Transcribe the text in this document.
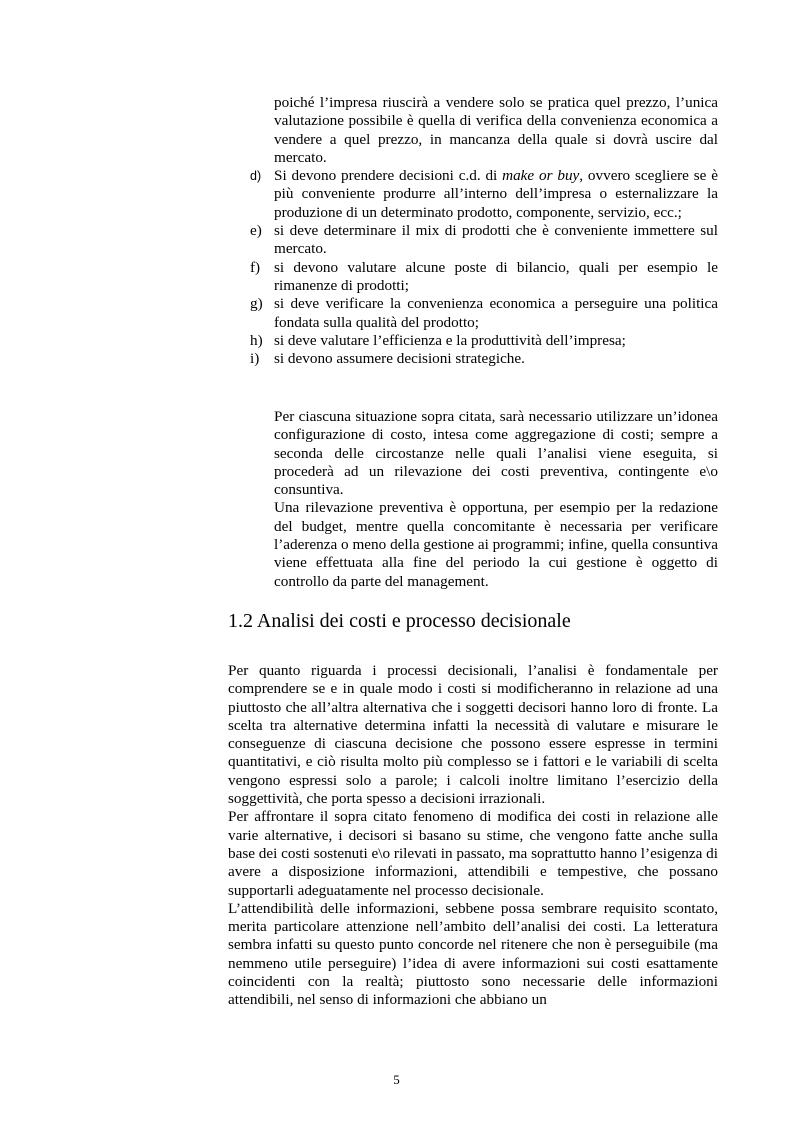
poiché l’impresa riuscirà a vendere solo se pratica quel prezzo, l’unica valutazione possibile è quella di verifica della convenienza economica a vendere a quel prezzo, in mancanza della quale si dovrà uscire dal mercato.
d) Si devono prendere decisioni c.d. di make or buy, ovvero scegliere se è più conveniente produrre all’interno dell’impresa o esternalizzare la produzione di un determinato prodotto, componente, servizio, ecc.;
e) si deve determinare il mix di prodotti che è conveniente immettere sul mercato.
f) si devono valutare alcune poste di bilancio, quali per esempio le rimanenze di prodotti;
g) si deve verificare la convenienza economica a perseguire una politica fondata sulla qualità del prodotto;
h) si deve valutare l’efficienza e la produttività dell’impresa;
i) si devono assumere decisioni strategiche.

Per ciascuna situazione sopra citata, sarà necessario utilizzare un’idonea configurazione di costo, intesa come aggregazione di costi; sempre a seconda delle circostanze nelle quali l’analisi viene eseguita, si procederà ad un rilevazione dei costi preventiva, contingente e\o consuntiva.

Una rilevazione preventiva è opportuna, per esempio per la redazione del budget, mentre quella concomitante è necessaria per verificare l’aderenza o meno della gestione ai programmi; infine, quella consuntiva viene effettuata alla fine del periodo la cui gestione è oggetto di controllo da parte del management.

1.2 Analisi dei costi e processo decisionale

Per quanto riguarda i processi decisionali, l’analisi è fondamentale per comprendere se e in quale modo i costi si modificheranno in relazione ad una piuttosto che all’altra alternativa che i soggetti decisori hanno loro di fronte. La scelta tra alternative determina infatti la necessità di valutare e misurare le conseguenze di ciascuna decisione che possono essere espresse in termini quantitativi, e ciò risulta molto più complesso se i fattori e le variabili di scelta vengono espressi solo a parole; i calcoli inoltre limitano l’esercizio della soggettività, che porta spesso a decisioni irrazionali.

Per affrontare il sopra citato fenomeno di modifica dei costi in relazione alle varie alternative, i decisori si basano su stime, che vengono fatte anche sulla base dei costi sostenuti e\o rilevati in passato, ma soprattutto hanno l’esigenza di avere a disposizione informazioni, attendibili e tempestive, che possano supportarli adeguatamente nel processo decisionale.

L’attendibilità delle informazioni, sebbene possa sembrare requisito scontato, merita particolare attenzione nell’ambito dell’analisi dei costi. La letteratura sembra infatti su questo punto concorde nel ritenere che non è perseguibile (ma nemmeno utile perseguire) l’idea di avere informazioni sui costi esattamente coincidenti con la realtà; piuttosto sono necessarie delle informazioni attendibili, nel senso di informazioni che abbiano un

5
